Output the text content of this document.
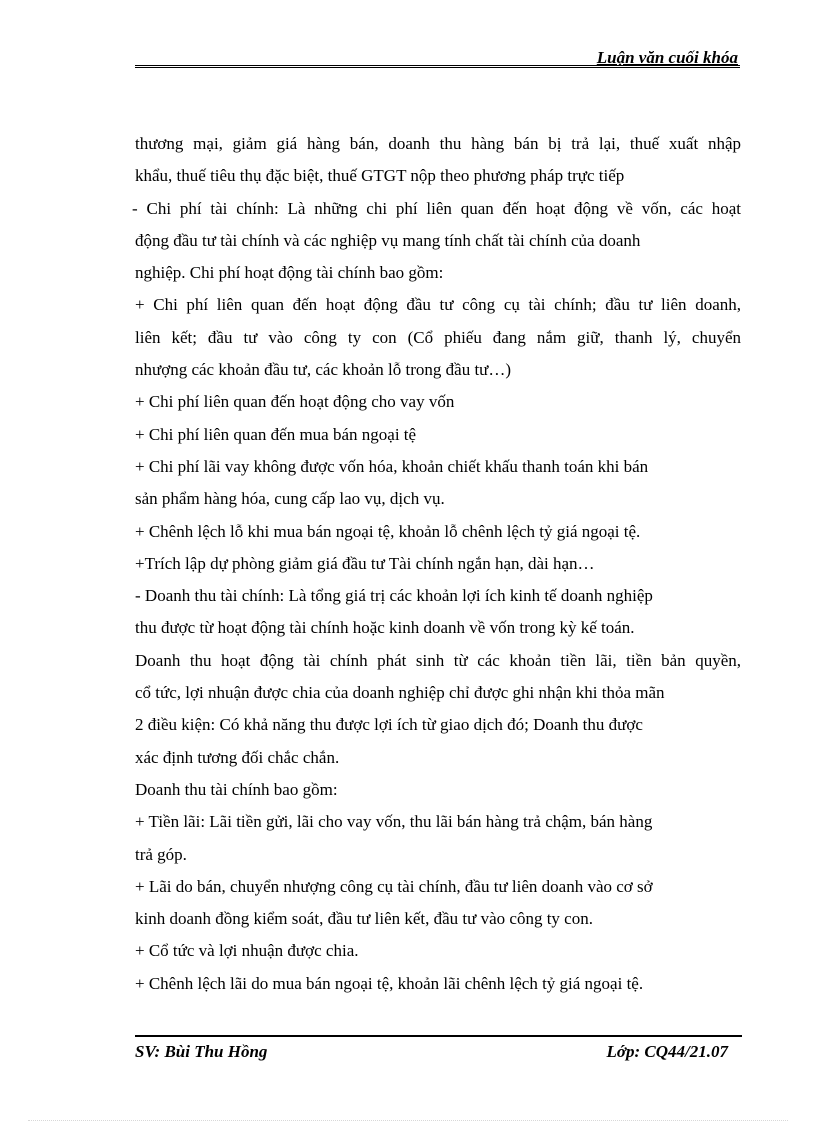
Luận văn cuối khóa
thương mại, giảm giá hàng bán, doanh thu hàng bán bị trả lại, thuế xuất nhập
khẩu, thuế tiêu thụ đặc biệt, thuế GTGT nộp theo phương pháp trực tiếp
- Chi phí tài chính: Là những chi phí liên quan đến hoạt động về vốn, các hoạt
động đầu tư tài chính và các nghiệp vụ mang tính chất tài chính của doanh
nghiệp. Chi phí hoạt động tài chính bao gồm:
+ Chi phí liên quan đến hoạt động đầu tư công cụ tài chính; đầu tư liên doanh,
liên kết; đầu tư vào công ty con (Cổ phiếu đang nắm giữ, thanh lý, chuyển
nhượng các khoản đầu tư, các khoản lỗ trong đầu tư…)
+ Chi phí liên quan đến hoạt động cho vay vốn
+ Chi phí liên quan đến mua bán ngoại tệ
+ Chi phí lãi vay không được vốn hóa, khoản chiết khấu thanh toán khi bán
sản phẩm hàng hóa, cung cấp lao vụ, dịch vụ.
+ Chênh lệch lỗ khi mua bán ngoại tệ, khoản lỗ chênh lệch tỷ giá ngoại tệ.
+Trích lập dự phòng giảm giá đầu tư Tài chính ngắn hạn, dài hạn…
- Doanh thu tài chính: Là tổng giá trị các khoản lợi ích kinh tế doanh nghiệp
thu được từ hoạt động tài chính hoặc kinh doanh về vốn trong kỳ kế toán.
Doanh thu hoạt động tài chính phát sinh từ các khoản tiền lãi, tiền bản quyền,
cổ tức, lợi nhuận được chia của doanh nghiệp chỉ được ghi nhận khi thỏa mãn
2 điều kiện: Có khả năng thu được lợi ích từ giao dịch đó; Doanh thu được
xác định tương đối chắc chắn.
Doanh thu tài chính bao gồm:
+ Tiền lãi: Lãi tiền gửi, lãi cho vay vốn, thu lãi bán hàng trả chậm, bán hàng
trả góp.
+ Lãi do bán, chuyển nhượng công cụ tài chính, đầu tư liên doanh vào cơ sở
kinh doanh đồng kiểm soát, đầu tư liên kết, đầu tư vào công ty con.
+ Cổ tức và lợi nhuận được chia.
+ Chênh lệch lãi do mua bán ngoại tệ, khoản lãi chênh lệch tỷ giá ngoại tệ.
SV: Bùi Thu Hồng	Lớp: CQ44/21.07
